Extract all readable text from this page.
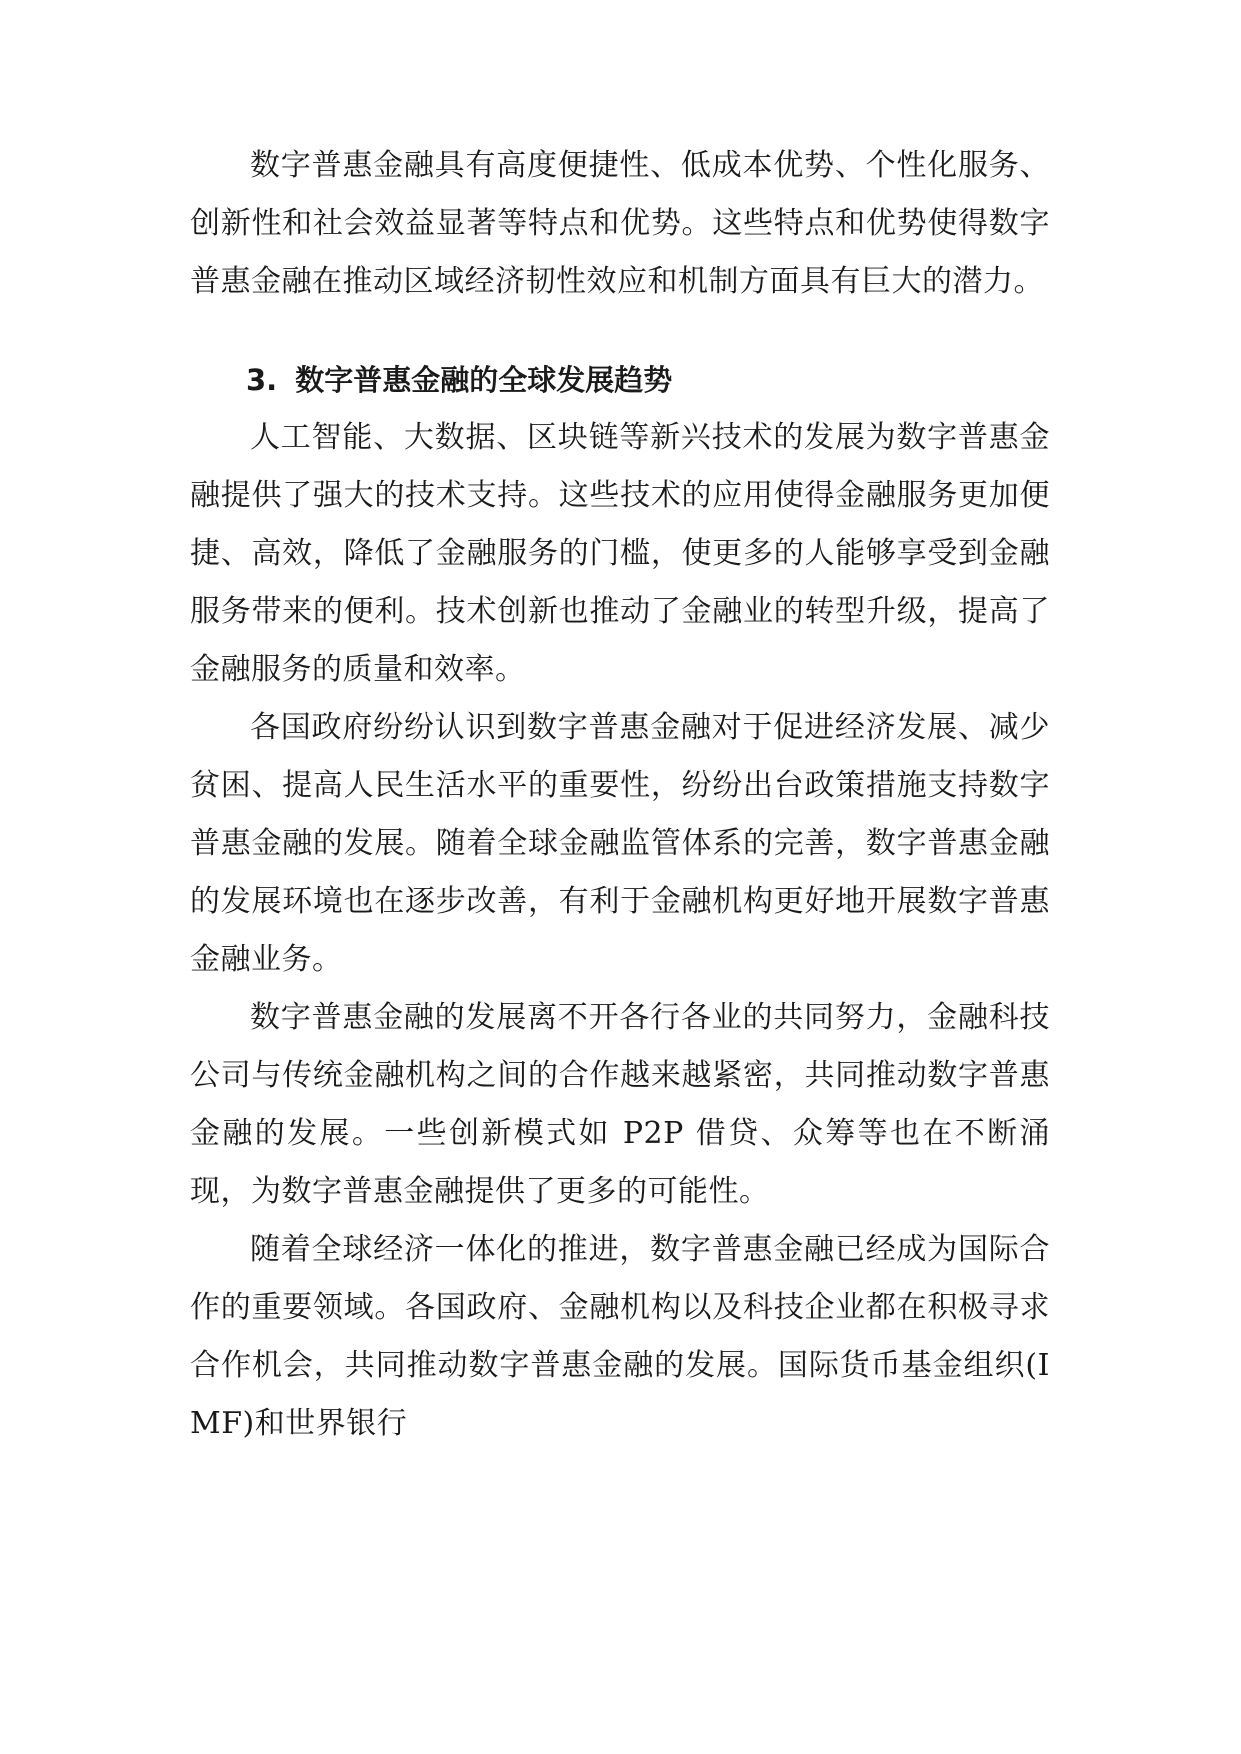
数字普惠金融具有高度便捷性、低成本优势、个性化服务、创新性和社会效益显著等特点和优势。这些特点和优势使得数字普惠金融在推动区域经济韧性效应和机制方面具有巨大的潜力。

3. 数字普惠金融的全球发展趋势

人工智能、大数据、区块链等新兴技术的发展为数字普惠金融提供了强大的技术支持。这些技术的应用使得金融服务更加便捷、高效，降低了金融服务的门槛，使更多的人能够享受到金融服务带来的便利。技术创新也推动了金融业的转型升级，提高了金融服务的质量和效率。

各国政府纷纷认识到数字普惠金融对于促进经济发展、减少贫困、提高人民生活水平的重要性，纷纷出台政策措施支持数字普惠金融的发展。随着全球金融监管体系的完善，数字普惠金融的发展环境也在逐步改善，有利于金融机构更好地开展数字普惠金融业务。

数字普惠金融的发展离不开各行各业的共同努力，金融科技公司与传统金融机构之间的合作越来越紧密，共同推动数字普惠金融的发展。一些创新模式如 P2P 借贷、众筹等也在不断涌现，为数字普惠金融提供了更多的可能性。

随着全球经济一体化的推进，数字普惠金融已经成为国际合作的重要领域。各国政府、金融机构以及科技企业都在积极寻求合作机会，共同推动数字普惠金融的发展。国际货币基金组织(IMF)和世界银行
